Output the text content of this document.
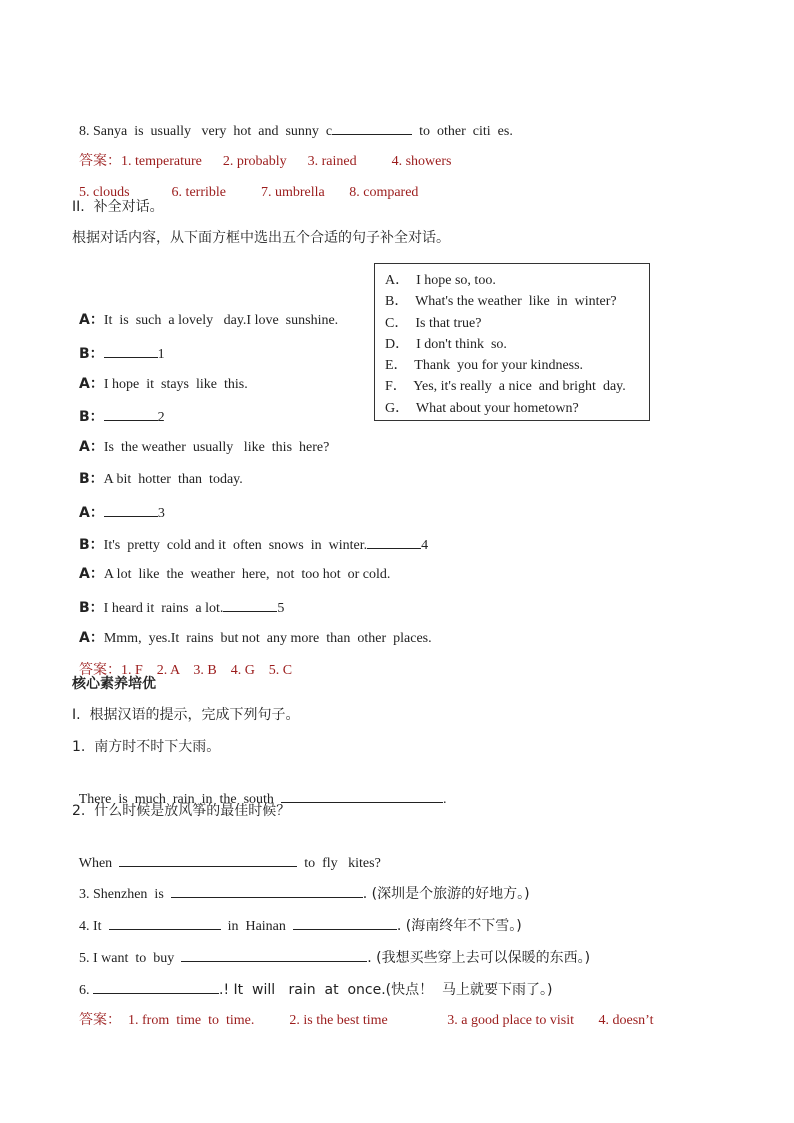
8. Sanya  is  usually   very  hot  and  sunny  c	to  other  citi  es.

答案：1. temperature      2. probably      3. rained          4. showers

5. clouds            6. terrible          7. umbrella       8. compared

II.  补全对话。
根据对话内容，从下面方框中选出五个合适的句子补全对话。
A．  I hope so, too.
B．  What's the weather  like  in  winter?
C．  Is that true?
D．  I don't think  so.
E．  Thank  you for your kindness.
F．  Yes, it's really  a nice  and bright  day.
G．  What about your hometown?

A：It  is  such  a lovely   day.I love  sunshine.

B：	1

A：I hope  it  stays  like  this.

B：	2

A：Is  the weather  usually   like  this  here?

B：A bit  hotter  than  today.

A：	3

B：It's  pretty  cold and it  often  snows  in  winter.	4

A：A lot  like  the  weather  here,  not  too hot  or cold.

B：I heard it  rains  a lot.	5

A：Mmm,  yes.It  rains  but not  any more  than  other  places.

答案：1. F    2. A    3. B    4. G    5. C

核心素养培优
I.  根据汉语的提示，完成下列句子。
1.  南方时不时下大雨。

There  is  much  rain  in  the  south	.

2.  什么时候是放风筝的最佳时候？

When	to  fly   kites?

3. Shenzhen  is	. (深圳是个旅游的好地方。)

4. It	in  Hainan	. (海南终年不下雪。)

5. I want  to  buy	. (我想买些穿上去可以保暖的东西。)

6.	.! It  will   rain  at  once.(快点！  马上就要下雨了。)

答案：  1. from  time  to  time.          2. is the best time                 3. a good place to visit       4. doesn’t
